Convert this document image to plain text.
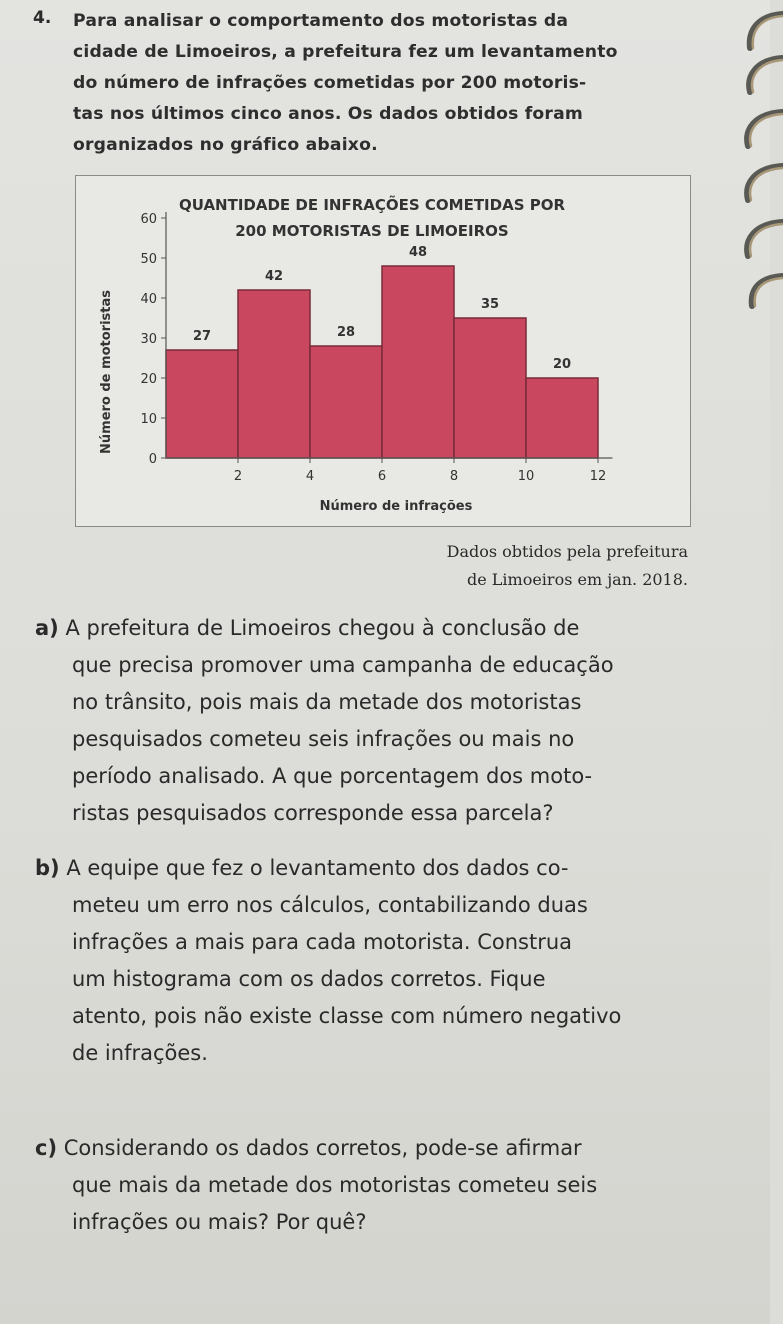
4. Para analisar o comportamento dos motoristas da
cidade de Limoeiros, a prefeitura fez um levantamento
do número de infrações cometidas por 200 motoris-
tas nos últimos cinco anos. Os dados obtidos foram
organizados no gráfico abaixo.
QUANTIDADE DE INFRAÇÕES COMETIDAS POR
200 MOTORISTAS DE LIMOEIROS
27
42
28
48
35
20
0
10
20
30
40
50
60
2	4	6	8	10	12
Número de motoristas
Número de infrações
Dados obtidos pela prefeitura
de Limoeiros em jan. 2018.
a) A prefeitura de Limoeiros chegou à conclusão de
que precisa promover uma campanha de educação
no trânsito, pois mais da metade dos motoristas
pesquisados cometeu seis infrações ou mais no
período analisado. A que porcentagem dos moto-
ristas pesquisados corresponde essa parcela?
b) A equipe que fez o levantamento dos dados co-
meteu um erro nos cálculos, contabilizando duas
infrações a mais para cada motorista. Construa
um histograma com os dados corretos. Fique
atento, pois não existe classe com número negativo
de infrações.
c) Considerando os dados corretos, pode-se afirmar
que mais da metade dos motoristas cometeu seis
infrações ou mais? Por quê?
